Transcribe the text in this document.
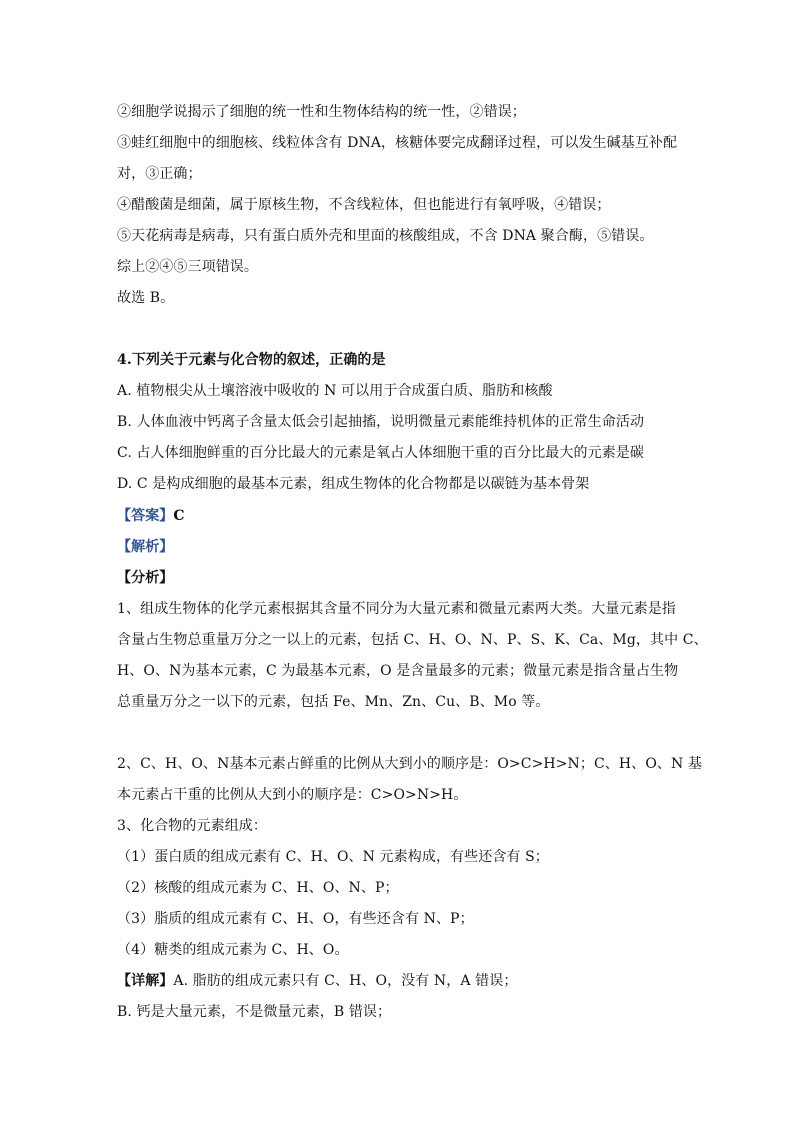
②细胞学说揭示了细胞的统一性和生物体结构的统一性，②错误；
③蛙红细胞中的细胞核、线粒体含有 DNA，核糖体要完成翻译过程，可以发生碱基互补配
对，③正确；
④醋酸菌是细菌，属于原核生物，不含线粒体，但也能进行有氧呼吸，④错误；
⑤天花病毒是病毒，只有蛋白质外壳和里面的核酸组成，不含 DNA 聚合酶，⑤错误。
综上②④⑤三项错误。
故选 B。
4.下列关于元素与化合物的叙述，正确的是
A. 植物根尖从土壤溶液中吸收的 N 可以用于合成蛋白质、脂肪和核酸
B. 人体血液中钙离子含量太低会引起抽搐，说明微量元素能维持机体的正常生命活动
C. 占人体细胞鲜重的百分比最大的元素是氧占人体细胞干重的百分比最大的元素是碳
D. C 是构成细胞的最基本元素，组成生物体的化合物都是以碳链为基本骨架
【答案】C
【解析】
【分析】
1、组成生物体的化学元素根据其含量不同分为大量元素和微量元素两大类。大量元素是指
含量占生物总重量万分之一以上的元素，包括 C、H、O、N、P、S、K、Ca、Mg，其中 C、
H、O、N为基本元素，C 为最基本元素，O 是含量最多的元素；微量元素是指含量占生物
总重量万分之一以下的元素，包括 Fe、Mn、Zn、Cu、B、Mo 等。
2、C、H、O、N基本元素占鲜重的比例从大到小的顺序是：O>C>H>N；C、H、O、N 基
本元素占干重的比例从大到小的顺序是：C>O>N>H。
3、化合物的元素组成：
（1）蛋白质的组成元素有 C、H、O、N 元素构成，有些还含有 S；
（2）核酸的组成元素为 C、H、O、N、P；
（3）脂质的组成元素有 C、H、O，有些还含有 N、P；
（4）糖类的组成元素为 C、H、O。
【详解】A. 脂肪的组成元素只有 C、H、O，没有 N，A 错误；
B. 钙是大量元素，不是微量元素，B 错误；
